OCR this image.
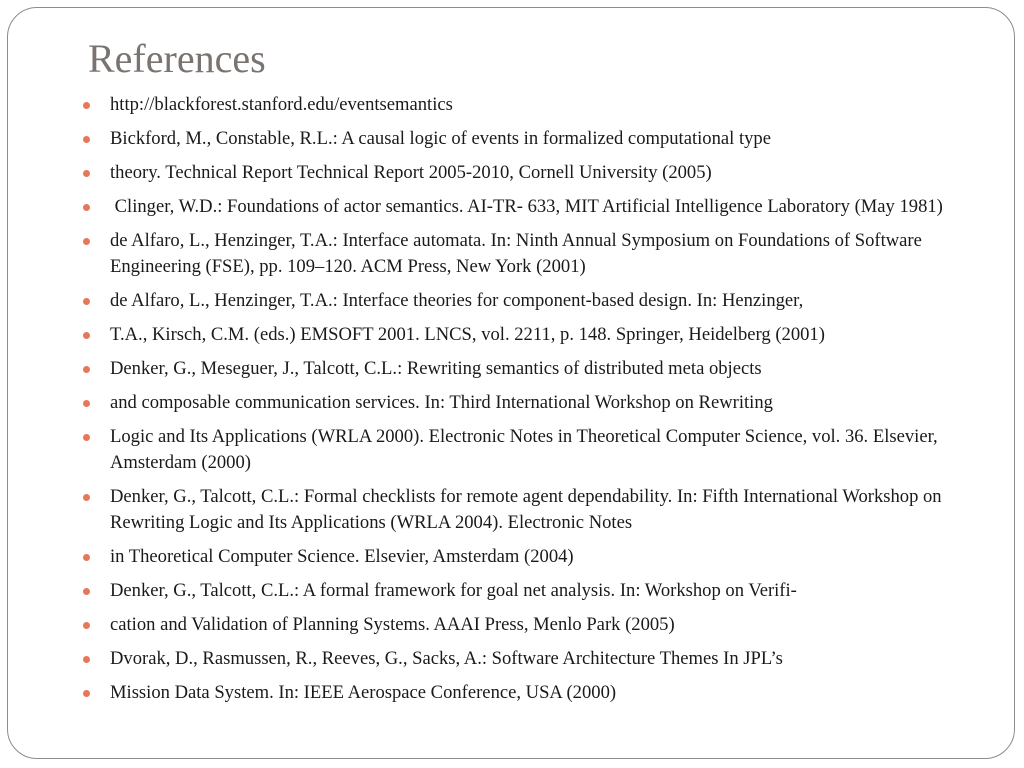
References
http://blackforest.stanford.edu/eventsemantics
Bickford, M., Constable, R.L.: A causal logic of events in formalized computational type
theory. Technical Report Technical Report 2005-2010, Cornell University (2005)
Clinger, W.D.: Foundations of actor semantics. AI-TR- 633, MIT Artificial Intelligence Laboratory (May 1981)
de Alfaro, L., Henzinger, T.A.: Interface automata. In: Ninth Annual Symposium on Foundations of Software Engineering (FSE), pp. 109–120. ACM Press, New York (2001)
de Alfaro, L., Henzinger, T.A.: Interface theories for component-based design. In: Henzinger,
T.A., Kirsch, C.M. (eds.) EMSOFT 2001. LNCS, vol. 2211, p. 148. Springer, Heidelberg (2001)
Denker, G., Meseguer, J., Talcott, C.L.: Rewriting semantics of distributed meta objects
and composable communication services. In: Third International Workshop on Rewriting
Logic and Its Applications (WRLA 2000). Electronic Notes in Theoretical Computer Science, vol. 36. Elsevier, Amsterdam (2000)
Denker, G., Talcott, C.L.: Formal checklists for remote agent dependability. In: Fifth International Workshop on Rewriting Logic and Its Applications (WRLA 2004). Electronic Notes
in Theoretical Computer Science. Elsevier, Amsterdam (2004)
Denker, G., Talcott, C.L.: A formal framework for goal net analysis. In: Workshop on Verifi-
cation and Validation of Planning Systems. AAAI Press, Menlo Park (2005)
Dvorak, D., Rasmussen, R., Reeves, G., Sacks, A.: Software Architecture Themes In JPL’s
Mission Data System. In: IEEE Aerospace Conference, USA (2000)
